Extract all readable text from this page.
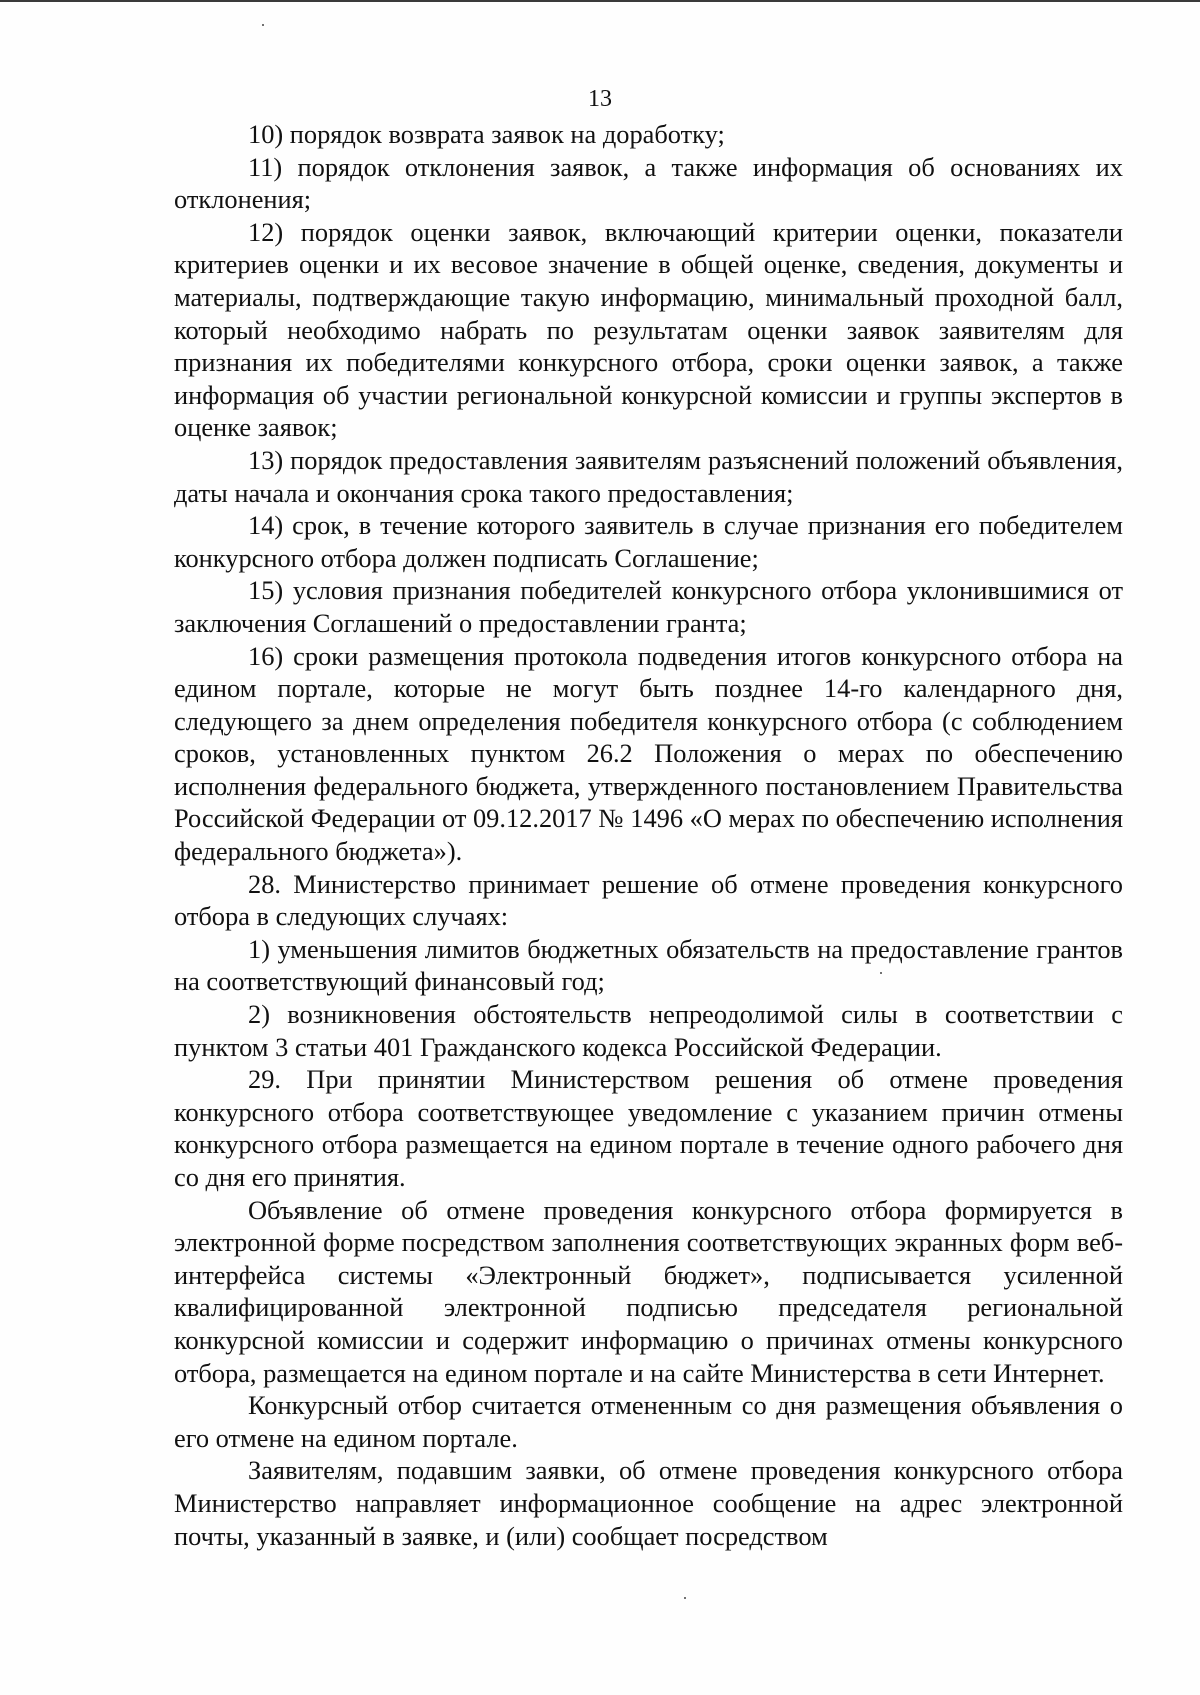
13

10) порядок возврата заявок на доработку;

11) порядок отклонения заявок, а также информация об основаниях их отклонения;

12) порядок оценки заявок, включающий критерии оценки, показатели критериев оценки и их весовое значение в общей оценке, сведения, документы и материалы, подтверждающие такую информацию, минимальный проходной балл, который необходимо набрать по результатам оценки заявок заявителям для признания их победителями конкурсного отбора, сроки оценки заявок, а также информация об участии региональной конкурсной комиссии и группы экспертов в оценке заявок;

13) порядок предоставления заявителям разъяснений положений объявления, даты начала и окончания срока такого предоставления;

14) срок, в течение которого заявитель в случае признания его победителем конкурсного отбора должен подписать Соглашение;

15) условия признания победителей конкурсного отбора уклонившимися от заключения Соглашений о предоставлении гранта;

16) сроки размещения протокола подведения итогов конкурсного отбора на едином портале, которые не могут быть позднее 14-го календарного дня, следующего за днем определения победителя конкурсного отбора (с соблюдением сроков, установленных пунктом 26.2 Положения о мерах по обеспечению исполнения федерального бюджета, утвержденного постановлением Правительства Российской Федерации от 09.12.2017 № 1496 «О мерах по обеспечению исполнения федерального бюджета»).

28. Министерство принимает решение об отмене проведения конкурсного отбора в следующих случаях:

1) уменьшения лимитов бюджетных обязательств на предоставление грантов на соответствующий финансовый год;

2) возникновения обстоятельств непреодолимой силы в соответствии с пунктом 3 статьи 401 Гражданского кодекса Российской Федерации.

29. При принятии Министерством решения об отмене проведения конкурсного отбора соответствующее уведомление с указанием причин отмены конкурсного отбора размещается на едином портале в течение одного рабочего дня со дня его принятия.

Объявление об отмене проведения конкурсного отбора формируется в электронной форме посредством заполнения соответствующих экранных форм веб-интерфейса системы «Электронный бюджет», подписывается усиленной квалифицированной электронной подписью председателя региональной конкурсной комиссии и содержит информацию о причинах отмены конкурсного отбора, размещается на едином портале и на сайте Министерства в сети Интернет.

Конкурсный отбор считается отмененным со дня размещения объявления о его отмене на едином портале.

Заявителям, подавшим заявки, об отмене проведения конкурсного отбора Министерство направляет информационное сообщение на адрес электронной почты, указанный в заявке, и (или) сообщает посредством
